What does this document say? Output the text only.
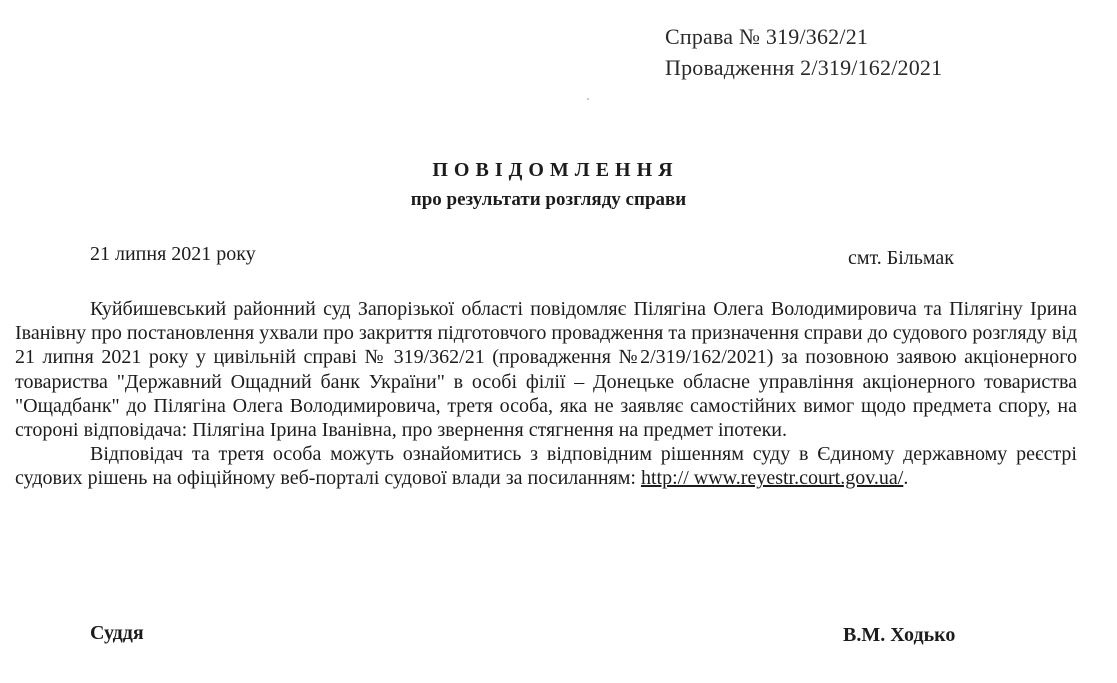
Справа № 319/362/21
Провадження 2/319/162/2021
ПОВІДОМЛЕННЯ
про результати розгляду справи
21 липня 2021 року	смт. Більмак

Куйбишевський районний суд Запорізької області повідомляє Пілягіна Олега Володимировича та Пілягіну Ірина Іванівну про постановлення ухвали про закриття підготовчого провадження та призначення справи до судового розгляду від 21 липня 2021 року у цивільній справі № 319/362/21 (провадження №2/319/162/2021) за позовною заявою акціонерного товариства "Державний Ощадний банк України" в особі філії – Донецьке обласне управління акціонерного товариства "Ощадбанк" до Пілягіна Олега Володимировича, третя особа, яка не заявляє самостійних вимог щодо предмета спору, на стороні відповідача: Пілягіна Ірина Іванівна, про звернення стягнення на предмет іпотеки.

Відповідач та третя особа можуть ознайомитись з відповідним рішенням суду в Єдиному державному реєстрі судових рішень на офіційному веб-порталі судової влади за посиланням: http:// www.reyestr.court.gov.ua/.

Суддя	В.М. Ходько
